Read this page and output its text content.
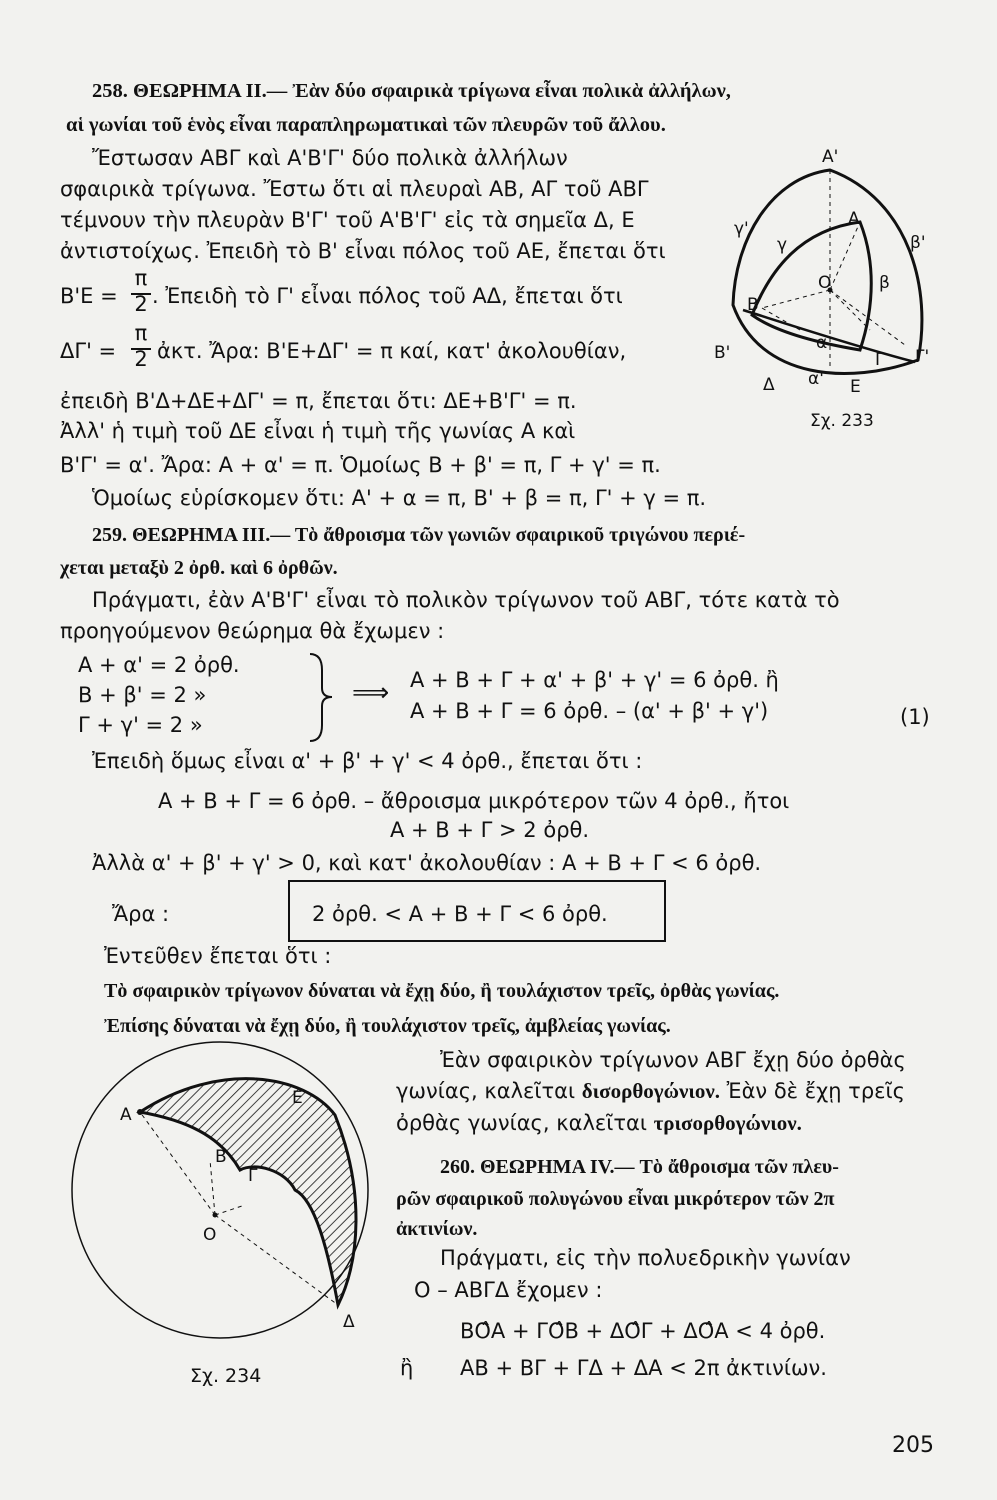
258. ΘΕΩΡΗΜΑ ΙΙ.— Ἐὰν δύο σφαιρικὰ τρίγωνα εἶναι πολικὰ ἀλλήλων,
αἱ γωνίαι τοῦ ἑνὸς εἶναι παραπληρωματικαὶ τῶν πλευρῶν τοῦ ἄλλου.
Ἔστωσαν ΑΒΓ καὶ Α'Β'Γ' δύο πολικὰ ἀλλήλων
σφαιρικὰ τρίγωνα. Ἔστω ὅτι αἱ πλευραὶ ΑΒ, ΑΓ τοῦ ΑΒΓ
τέμνουν τὴν πλευρὰν Β'Γ' τοῦ Α'Β'Γ' εἰς τὰ σημεῖα Δ, Ε
ἀντιστοίχως. Ἐπειδὴ τὸ Β' εἶναι πόλος τοῦ ΑΕ, ἔπεται ὅτι
Β'Ε =
π
2 . Ἐπειδὴ τὸ Γ' εἶναι πόλος τοῦ ΑΔ, ἔπεται ὅτι
ΔΓ' =
π
2 ἀκτ. Ἄρα: Β'Ε+ΔΓ' = π καί, κατ' ἀκολουθίαν,
ἐπειδὴ Β'Δ+ΔΕ+ΔΓ' = π, ἔπεται ὅτι: ΔΕ+Β'Γ' = π.
Ἀλλ' ἡ τιμὴ τοῦ ΔΕ εἶναι ἡ τιμὴ τῆς γωνίας Α καὶ
Β'Γ' = α'. Ἄρα: Α + α' = π. Ὁμοίως Β + β' = π, Γ + γ' = π.
Ὁμοίως εὑρίσκομεν ὅτι: Α' + α = π, Β' + β = π, Γ' + γ = π.
Α'
Α
γ'
γ	β'
Ο	β
Β
α
Β'	Γ Γ'
Δ α' Ε
Σχ. 233
259. ΘΕΩΡΗΜΑ ΙΙΙ.— Τὸ ἄθροισμα τῶν γωνιῶν σφαιρικοῦ τριγώνου περιέ-
χεται μεταξὺ 2 ὀρθ. καὶ 6 ὀρθῶν.
Πράγματι, ἐὰν Α'Β'Γ' εἶναι τὸ πολικὸν τρίγωνον τοῦ ΑΒΓ, τότε κατὰ τὸ
προηγούμενον θεώρημα θὰ ἔχωμεν :
Α + α' = 2 ὀρθ.
Β + β' = 2 »
Γ + γ' = 2 »
⟹ Α + Β + Γ + α' + β' + γ' = 6 ὀρθ. ἢ
Α + Β + Γ = 6 ὀρθ. – (α' + β' + γ')	(1)
Ἐπειδὴ ὅμως εἶναι α' + β' + γ' < 4 ὀρθ., ἔπεται ὅτι :
Α + Β + Γ = 6 ὀρθ. – ἄθροισμα μικρότερον τῶν 4 ὀρθ., ἤτοι
Α + Β + Γ > 2 ὀρθ.
Ἀλλὰ α' + β' + γ' > 0, καὶ κατ' ἀκολουθίαν : Α + Β + Γ < 6 ὀρθ.
Ἄρα :	2 ὀρθ. < Α + Β + Γ < 6 ὀρθ.
Ἐντεῦθεν ἔπεται ὅτι :
Τὸ σφαιρικὸν τρίγωνον δύναται νὰ ἔχῃ δύο, ἢ τουλάχιστον τρεῖς, ὀρθὰς γωνίας.
Ἐπίσης δύναται νὰ ἔχῃ δύο, ἢ τουλάχιστον τρεῖς, ἀμβλείας γωνίας.
Ἐὰν σφαιρικὸν τρίγωνον ΑΒΓ ἔχῃ δύο ὀρθὰς
γωνίας, καλεῖται δισορθογώνιον. Ἐὰν δὲ ἔχῃ τρεῖς
ὀρθὰς γωνίας, καλεῖται τρισορθογώνιον.
260. ΘΕΩΡΗΜΑ ΙV.— Τὸ ἄθροισμα τῶν πλευ-
ρῶν σφαιρικοῦ πολυγώνου εἶναι μικρότερον τῶν 2π
ἀκτινίων.
Πράγματι, εἰς τὴν πολυεδρικὴν γωνίαν
Ο – ΑΒΓΔ ἔχομεν :
ΒΟ̂Α + ΓΟ̂Β + ΔΟ̂Γ + ΔΟ̂Α < 4 ὀρθ.
ἢ ΑΒ + ΒΓ + ΓΔ + ΔΑ < 2π ἀκτινίων.
Α
Ε
Β
Γ
Ο
Δ
Σχ. 234
205
